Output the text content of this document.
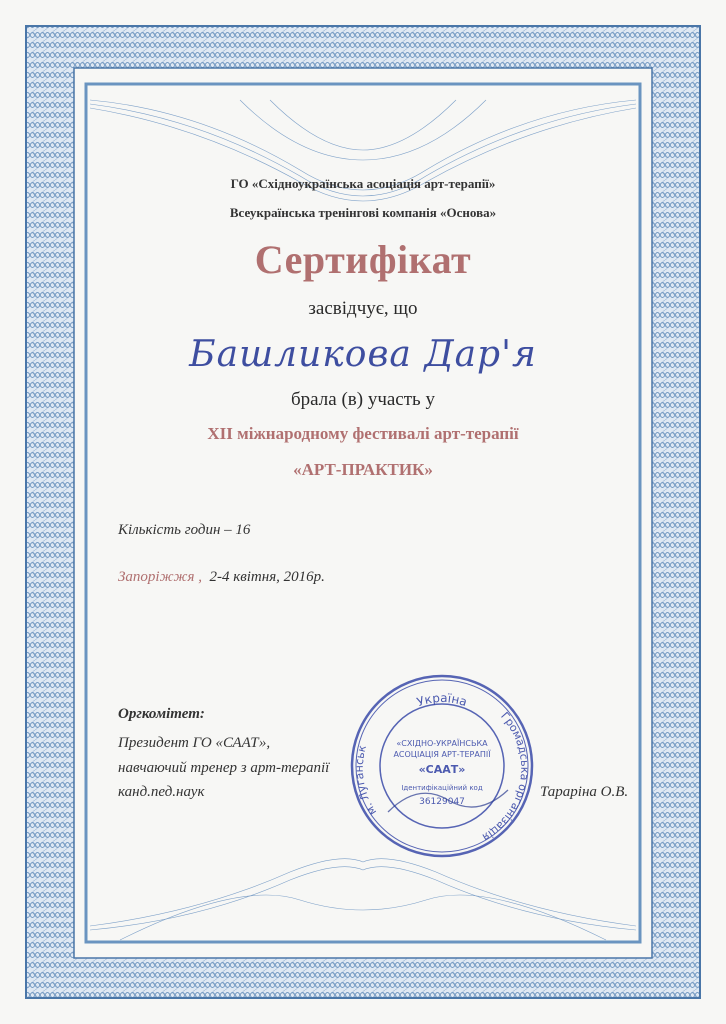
ГО «Східноукраїнська асоціація арт-терапії»

Всеукраїнська тренінгові компанія «Основа»

Сертифікат

засвідчує, що

Башликова Дар'я

брала (в) участь у

XII міжнародному фестивалі арт-терапії

«АРТ-ПРАКТИК»

Кількість годин – 16

Запоріжжя , 2-4 квітня, 2016р.

Оргкомітет:

Президент ГО «СААТ»,

навчаючий тренер з арт-терапії

канд.пед.наук	Тараріна О.В.

Україна
м. Луганськ
Громадська організація
«СХІДНО-УКРАЇНСЬКА
АСОЦІАЦІЯ АРТ-ТЕРАПІЇ
«СААТ»
Ідентифікаційний код
36129047
